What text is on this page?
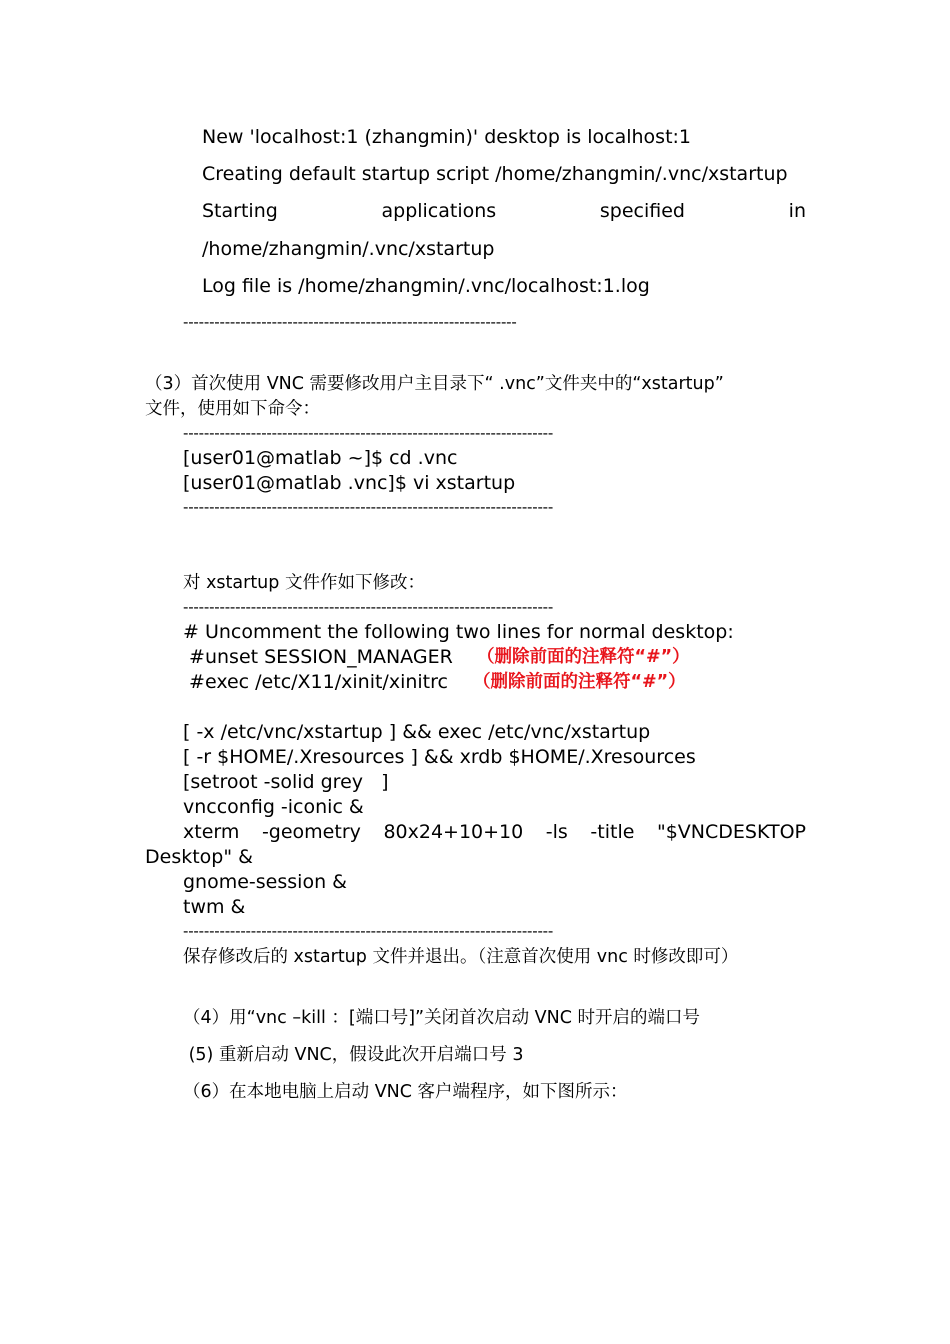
New 'localhost:1 (zhangmin)' desktop is localhost:1
Creating default startup script /home/zhangmin/.vnc/xstartup
Starting	applications	specified	in
/home/zhangmin/.vnc/xstartup
Log file is /home/zhangmin/.vnc/localhost:1.log
----------------------------------------------------------------
（3）首次使用 VNC 需要修改用户主目录下“ .vnc”文件夹中的“xstartup”
文件，使用如下命令：
-----------------------------------------------------------------------
[user01@matlab ~]$ cd .vnc
[user01@matlab .vnc]$ vi xstartup
-----------------------------------------------------------------------
对 xstartup 文件作如下修改：
-----------------------------------------------------------------------
# Uncomment the following two lines for normal desktop:
#unset SESSION_MANAGER （删除前面的注释符“#”）
#exec /etc/X11/xinit/xinitrc （删除前面的注释符“#”）
[ -x /etc/vnc/xstartup ] && exec /etc/vnc/xstartup
[ -r $HOME/.Xresources ] && xrdb $HOME/.Xresources
[setroot -solid grey   ]
vncconfig -iconic &
xterm -geometry 80x24+10+10 -ls -title "$VNCDESKTOP
Desktop" &
gnome-session &
twm &
-----------------------------------------------------------------------
保存修改后的 xstartup 文件并退出。（注意首次使用 vnc 时修改即可）
（4）用“vnc –kill ：[端口号]”关闭首次启动 VNC 时开启的端口号
(5) 重新启动 VNC，假设此次开启端口号 3
（6）在本地电脑上启动 VNC 客户端程序，如下图所示：
